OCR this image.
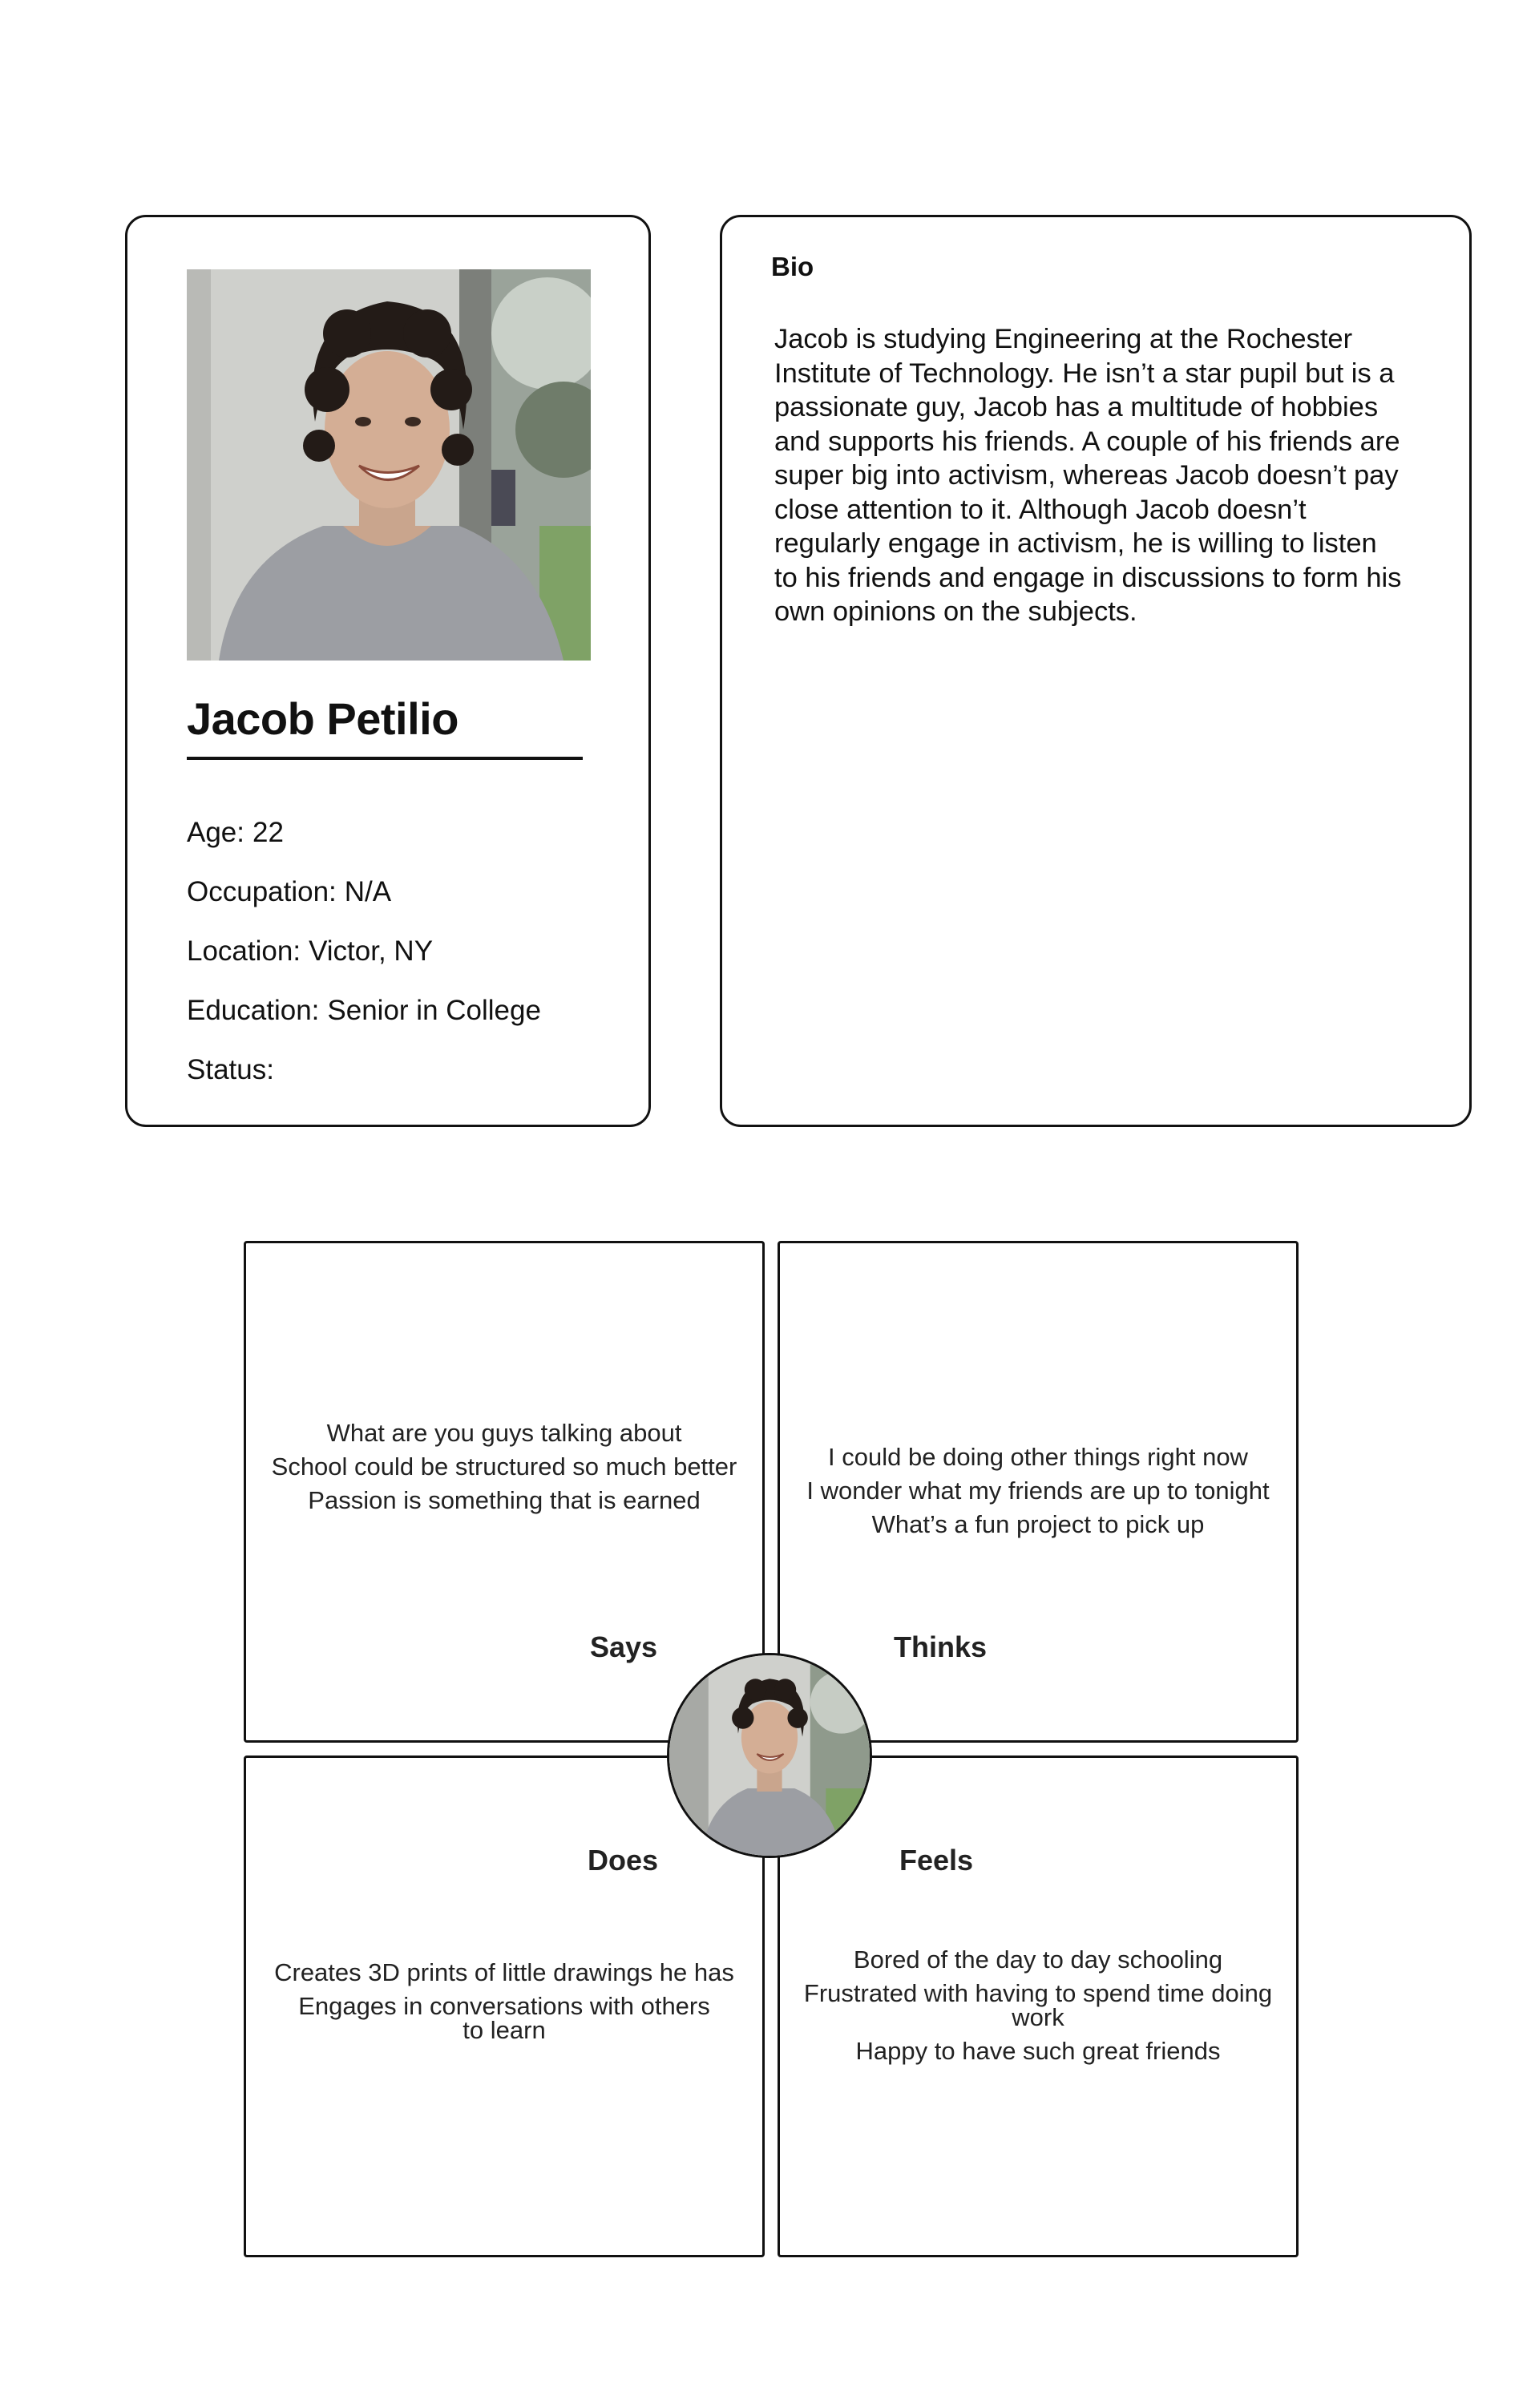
Jacob Petilio

Age: 22

Occupation: N/A

Location: Victor, NY

Education: Senior in College

Status:

Bio

Jacob is studying Engineering at the Rochester Institute of Technology. He isn’t a star pupil but is a passionate guy, Jacob has a multitude of hobbies and supports his friends. A couple of his friends are super big into activism, whereas Jacob doesn’t pay close attention to it. Although Jacob doesn’t regularly engage in activism, he is willing to listen to his friends and engage in discussions to form his own opinions on the subjects.

What are you guys talking about
School could be structured so much better
Passion is something that is earned
I could be doing other things right now
I wonder what my friends are up to tonight
What’s a fun project to pick up
Creates 3D prints of little drawings he has
Engages in conversations with others to learn
Bored of the day to day schooling
Frustrated with having to spend time doing work
Happy to have such great friends

Says	Thinks

Does	Feels
